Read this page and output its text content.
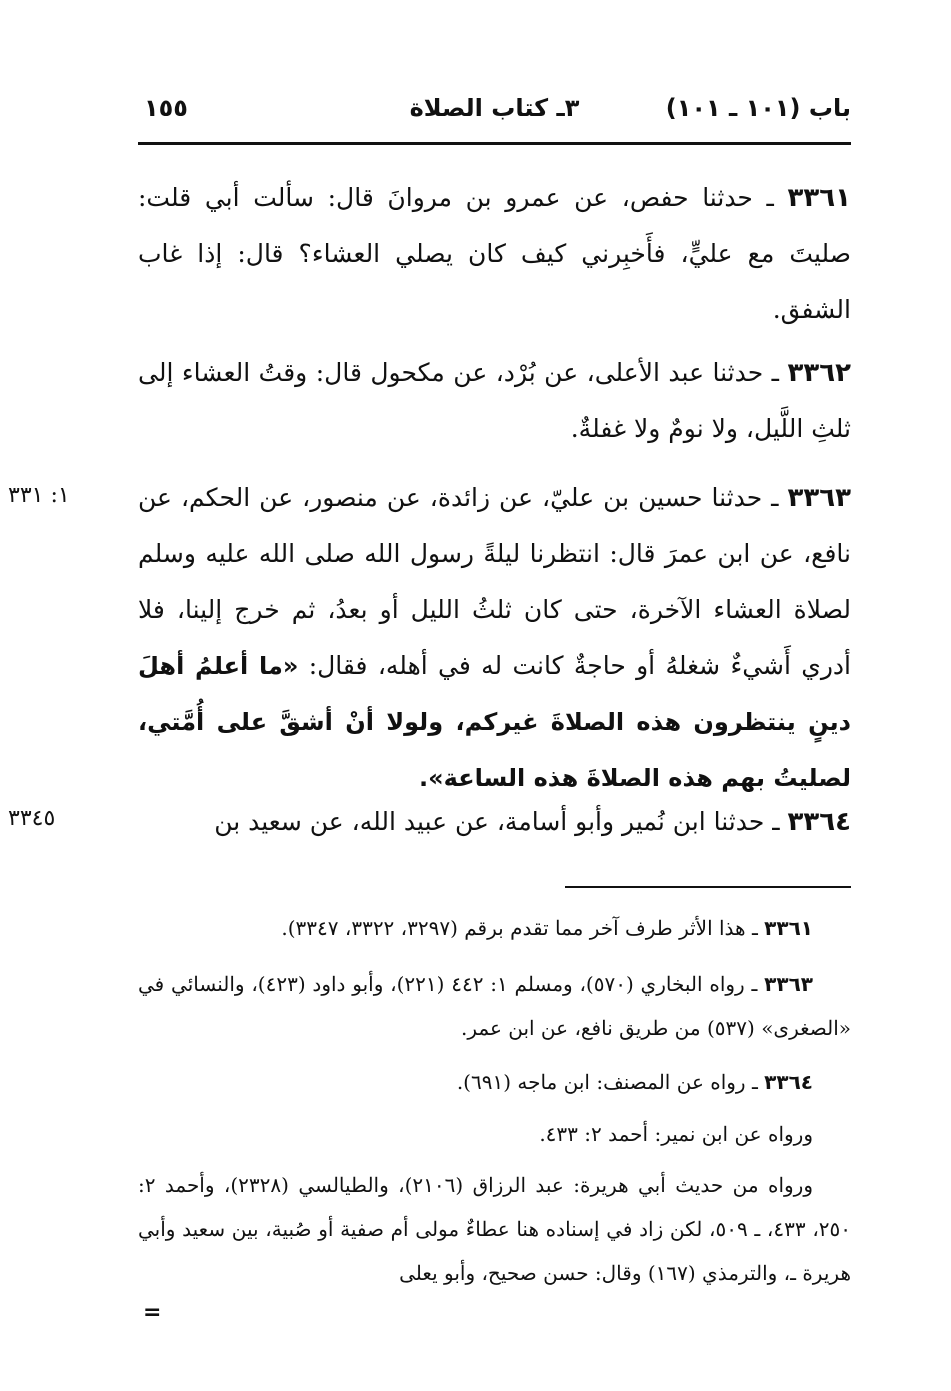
باب (١٠١ ـ ١٠١)
٣ـ كتاب الصلاة
١٥٥
٣٣٦١ ـ حدثنا حفص، عن عمرو بن مروانَ قال: سألت أبي قلت: صليتَ مع عليٍّ، فأَخبِرني كيف كان يصلي العشاء؟ قال: إذا غاب الشفق.
٣٣٦٢ ـ حدثنا عبد الأعلى، عن بُرْد، عن مكحول قال: وقتُ العشاء إلى ثلثِ اللَّيل، ولا نومٌ ولا غفلةٌ.
١: ٣٣١	٣٣٦٣ ـ حدثنا حسين بن عليّ، عن زائدة، عن منصور، عن الحكم، عن نافع، عن ابن عمرَ قال: انتظرنا ليلةً رسول الله صلى الله عليه وسلم لصلاة العشاء الآخرة، حتى كان ثلثُ الليل أو بعدُ، ثم خرج إلينا، فلا أدري أَشيءٌ شغلهُ أو حاجةٌ كانت له في أهله، فقال: «ما أعلمُ أهلَ دينٍ ينتظرون هذه الصلاةَ غيركم، ولولا أنْ أشقَّ على أُمَّتي، لصليتُ بهم هذه الصلاةَ هذه الساعة».
٣٣٤٥	٣٣٦٤ ـ حدثنا ابن نُمير وأبو أسامة، عن عبيد الله، عن سعيد بن
٣٣٦١ ـ هذا الأثر طرف آخر مما تقدم برقم (٣٢٩٧، ٣٣٢٢، ٣٣٤٧).
٣٣٦٣ ـ رواه البخاري (٥٧٠)، ومسلم ١: ٤٤٢ (٢٢١)، وأبو داود (٤٢٣)، والنسائي في «الصغرى» (٥٣٧) من طريق نافع، عن ابن عمر.
٣٣٦٤ ـ رواه عن المصنف: ابن ماجه (٦٩١).
ورواه عن ابن نمير: أحمد ٢: ٤٣٣.
ورواه من حديث أبي هريرة: عبد الرزاق (٢١٠٦)، والطيالسي (٢٣٢٨)، وأحمد ٢: ٢٥٠، ٤٣٣، ـ ٥٠٩، لكن زاد في إسناده هنا عطاءٌ مولى أم صفية أو صُبية، بين سعيد وأبي هريرة ـ، والترمذي (١٦٧) وقال: حسن صحيح، وأبو يعلى
=
